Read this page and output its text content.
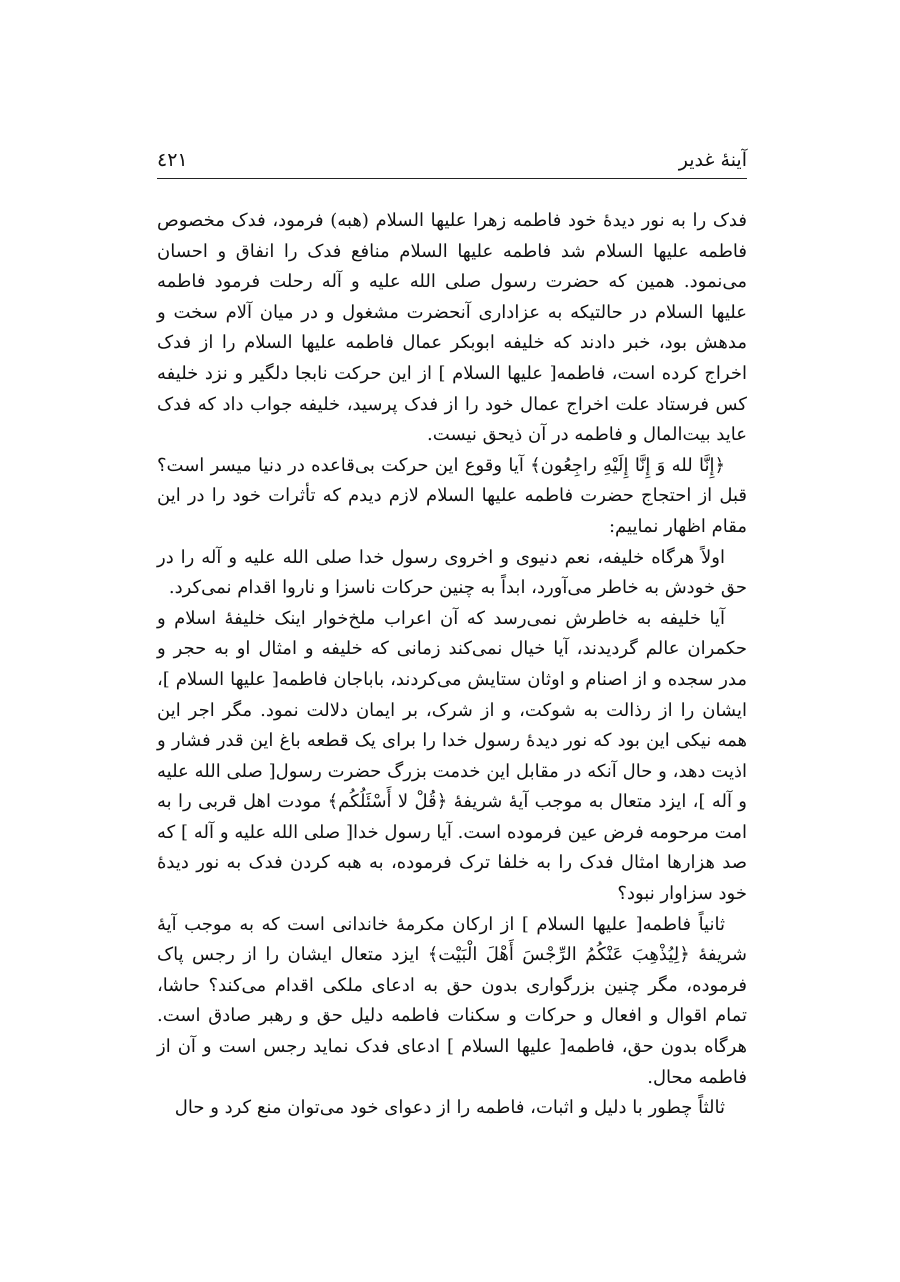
آینهٔ غدیر
٤٢١

فدک را به نور دیدهٔ خود فاطمه زهرا علیها السلام (هبه) فرمود، فدک مخصوص فاطمه علیها السلام شد فاطمه علیها السلام منافع فدک را انفاق و احسان می‌نمود. همین که حضرت رسول صلی الله علیه و آله رحلت فرمود فاطمه علیها السلام در حالتیکه به عزاداری آنحضرت مشغول و در میان آلام سخت و مدهش بود، خبر دادند که خلیفه ابوبکر عمال فاطمه علیها السلام را از فدک اخراج کرده است، فاطمه[ علیها السلام ] از این حرکت نابجا دلگیر و نزد خلیفه کس فرستاد علت اخراج عمال خود را از فدک پرسید، خلیفه جواب داد که فدک عاید بیت‌المال و فاطمه در آن ذیحق نیست.

﴿إِنَّا لله وَ إِنَّا إِلَيْهِ راجِعُون﴾ آیا وقوع این حرکت بی‌قاعده در دنیا میسر است؟ قبل از احتجاج حضرت فاطمه علیها السلام لازم دیدم که تأثرات خود را در این مقام اظهار نماییم:

اولاً هرگاه خلیفه، نعم دنیوی و اخروی رسول خدا صلی الله علیه و آله را در حق خودش به خاطر می‌آورد، ابداً به چنین حرکات ناسزا و ناروا اقدام نمی‌کرد.

آیا خلیفه به خاطرش نمی‌رسد که آن اعراب ملخ‌خوار اینک خلیفهٔ اسلام و حکمران عالم گردیدند، آیا خیال نمی‌کند زمانی که خلیفه و امثال او به حجر و مدر سجده و از اصنام و اوثان ستایش می‌کردند، باباجان فاطمه[ علیها السلام ]، ایشان را از رذالت به شوکت، و از شرک، بر ایمان دلالت نمود. مگر اجر این همه نیکی این بود که نور دیدهٔ رسول خدا را برای یک قطعه باغ این قدر فشار و اذیت دهد، و حال آنکه در مقابل این خدمت بزرگ حضرت رسول[ صلی الله علیه و آله ]، ایزد متعال به موجب آیهٔ شریفهٔ ﴿قُلْ لا أَسْئَلُكُم﴾ مودت اهل قربی را به امت مرحومه فرض عین فرموده است. آیا رسول خدا[ صلی الله علیه و آله ] که صد هزارها امثال فدک را به خلفا ترک فرموده، به هبه کردن فدک به نور دیدهٔ خود سزاوار نبود؟

ثانیاً فاطمه[ علیها السلام ] از ارکان مکرمهٔ خاندانی است که به موجب آیهٔ شریفهٔ ﴿لِيُذْهِبَ عَنْكُمُ الرِّجْسَ أَهْلَ الْبَيْت﴾ ایزد متعال ایشان را از رجس پاک فرموده، مگر چنین بزرگواری بدون حق به ادعای ملکی اقدام می‌کند؟ حاشا، تمام اقوال و افعال و حرکات و سکنات فاطمه دلیل حق و رهبر صادق است. هرگاه بدون حق، فاطمه[ علیها السلام ] ادعای فدک نماید رجس است و آن از فاطمه محال.

ثالثاً چطور با دلیل و اثبات، فاطمه را از دعوای خود می‌توان منع کرد و حال
